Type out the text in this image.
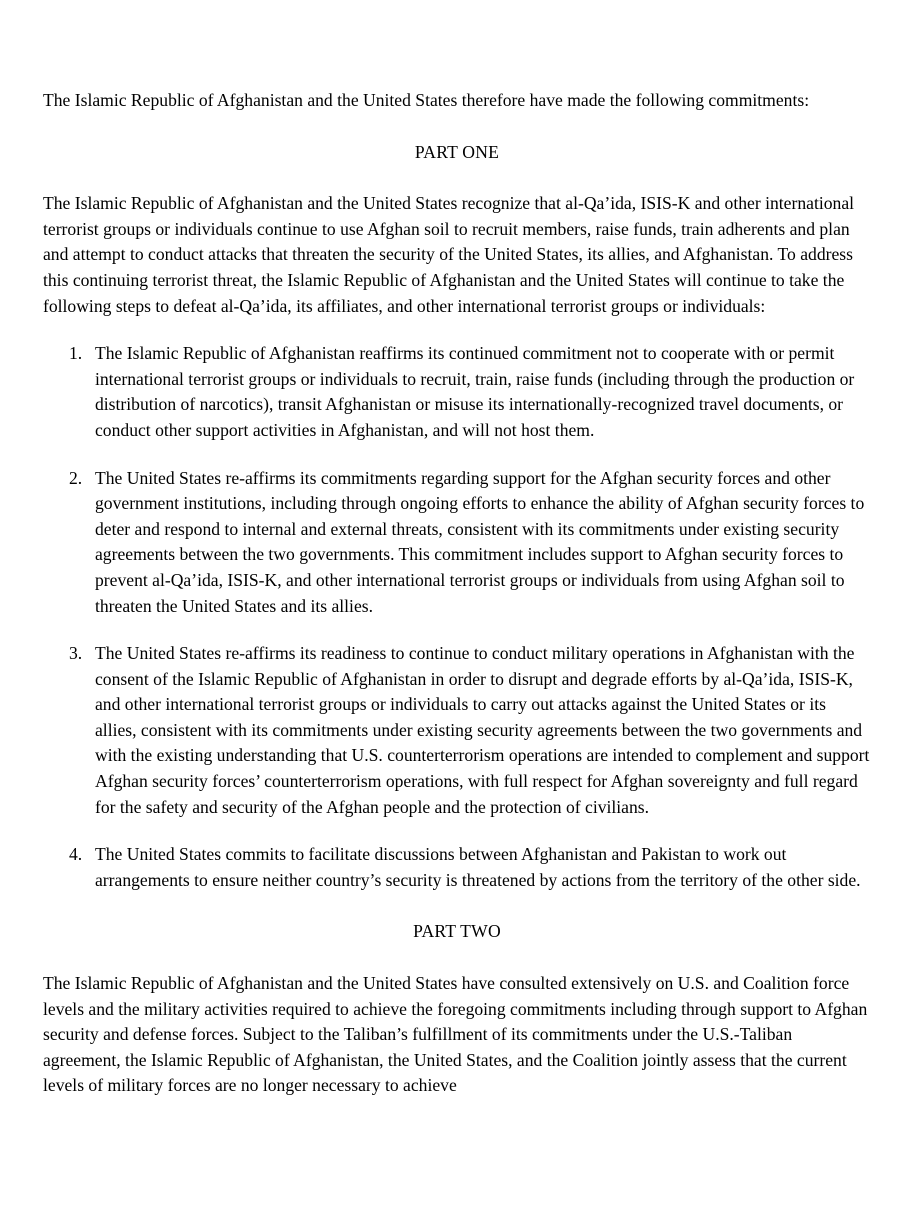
The Islamic Republic of Afghanistan and the United States therefore have made the following commitments:

PART ONE

The Islamic Republic of Afghanistan and the United States recognize that al-Qa’ida, ISIS-K and other international terrorist groups or individuals continue to use Afghan soil to recruit members, raise funds, train adherents and plan and attempt to conduct attacks that threaten the security of the United States, its allies, and Afghanistan. To address this continuing terrorist threat, the Islamic Republic of Afghanistan and the United States will continue to take the following steps to defeat al-Qa’ida, its affiliates, and other international terrorist groups or individuals:

1. The Islamic Republic of Afghanistan reaffirms its continued commitment not to cooperate with or permit international terrorist groups or individuals to recruit, train, raise funds (including through the production or distribution of narcotics), transit Afghanistan or misuse its internationally-recognized travel documents, or conduct other support activities in Afghanistan, and will not host them.
2. The United States re-affirms its commitments regarding support for the Afghan security forces and other government institutions, including through ongoing efforts to enhance the ability of Afghan security forces to deter and respond to internal and external threats, consistent with its commitments under existing security agreements between the two governments. This commitment includes support to Afghan security forces to prevent al-Qa’ida, ISIS-K, and other international terrorist groups or individuals from using Afghan soil to threaten the United States and its allies.
3. The United States re-affirms its readiness to continue to conduct military operations in Afghanistan with the consent of the Islamic Republic of Afghanistan in order to disrupt and degrade efforts by al-Qa’ida, ISIS-K, and other international terrorist groups or individuals to carry out attacks against the United States or its allies, consistent with its commitments under existing security agreements between the two governments and with the existing understanding that U.S. counterterrorism operations are intended to complement and support Afghan security forces’ counterterrorism operations, with full respect for Afghan sovereignty and full regard for the safety and security of the Afghan people and the protection of civilians.
4. The United States commits to facilitate discussions between Afghanistan and Pakistan to work out arrangements to ensure neither country’s security is threatened by actions from the territory of the other side.
PART TWO

The Islamic Republic of Afghanistan and the United States have consulted extensively on U.S. and Coalition force levels and the military activities required to achieve the foregoing commitments including through support to Afghan security and defense forces. Subject to the Taliban’s fulfillment of its commitments under the U.S.-Taliban agreement, the Islamic Republic of Afghanistan, the United States, and the Coalition jointly assess that the current levels of military forces are no longer necessary to achieve
